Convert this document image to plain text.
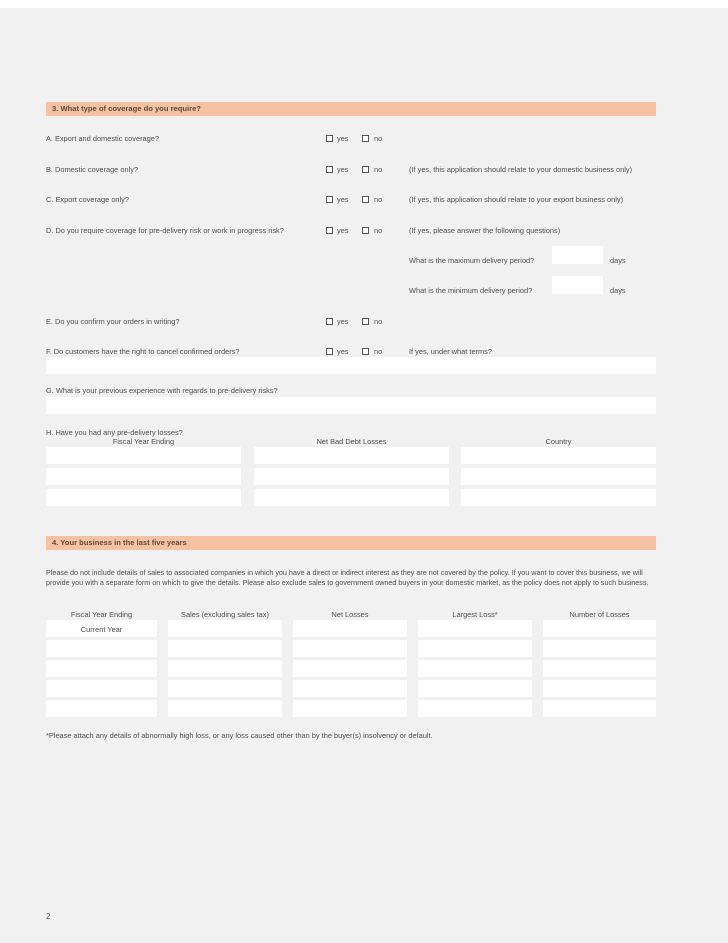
3. What type of coverage do you require?
A. Export and domestic coverage?	yes	no
B. Domestic coverage only?	yes	no	(If yes, this application should relate to your domestic business only)
C. Export coverage only?	yes	no	(If yes, this application should relate to your export business only)
D. Do you require coverage for pre-delivery risk or work in progress risk?	yes	no	(If yes, please answer the following questions)
What is the maximum delivery period?	days
What is the minimum delivery period?	days
E. Do you confirm your orders in writing?	yes	no
F. Do customers have the right to cancel confirmed orders?	yes	no	If yes, under what terms?
G. What is your previous experience with regards to pre-delivery risks?
H. Have you had any pre-delivery losses?
Fiscal Year Ending	Net Bad Debt Losses	Country
4. Your business in the last five years
Please do not include details of sales to associated companies in which you have a direct or indirect interest as they are not covered by the policy. If you want to cover this business, we will provide you with a separate form on which to give the details. Please also exclude sales to government owned buyers in your domestic market, as the policy does not apply to such business.
Fiscal Year Ending	Sales (excluding sales tax)	Net Losses	Largest Loss*	Number of Losses
Current Year
*Please attach any details of abnormally high loss, or any loss caused other than by the buyer(s) insolvency or default.
2
